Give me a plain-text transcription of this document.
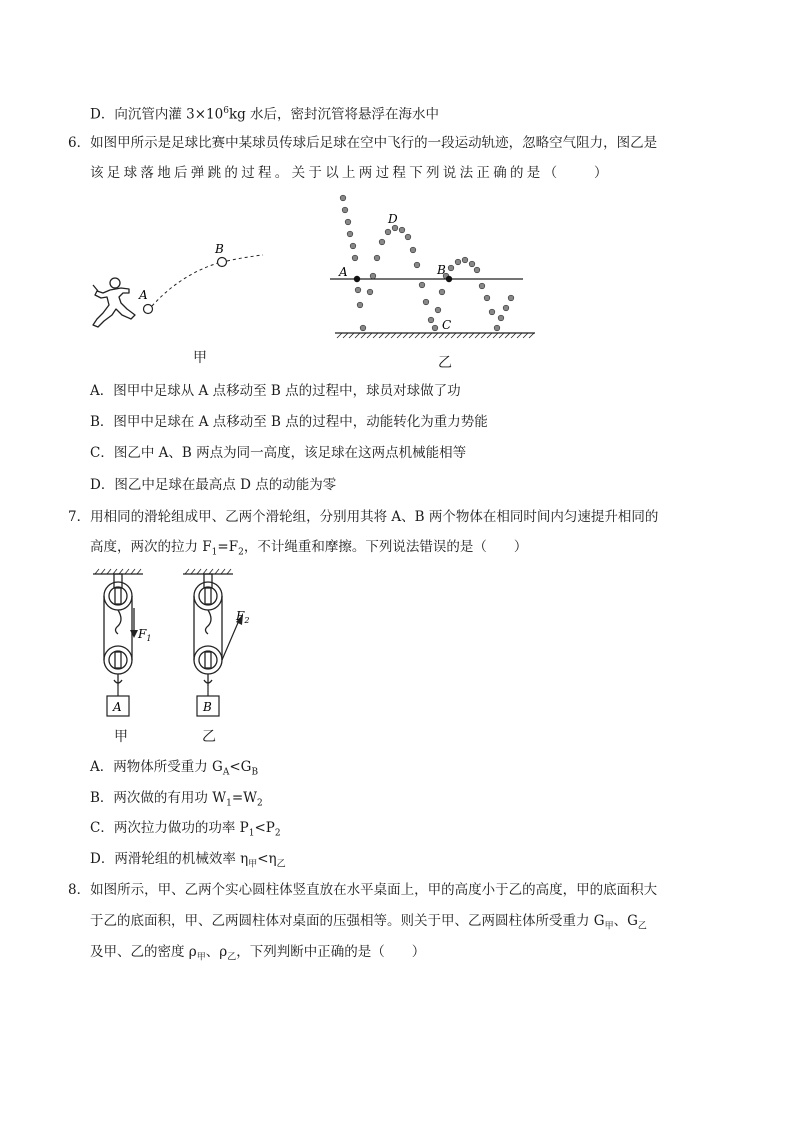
D．向沉管内灌 $3\times 10^6kg$ 水后，密封沉管将悬浮在海水中
6．如图甲所示是足球比赛中某球员传球后足球在空中飞行的一段运动轨迹，忽略空气阻力，图乙是
该足球落地后弹跳的过程。关于以上两过程下列说法正确的是（　　）
A
B
甲
A	B
C
D
乙
A．图甲中足球从 A 点移动至 B 点的过程中，球员对球做了功
B．图甲中足球在 A 点移动至 B 点的过程中，动能转化为重力势能
C．图乙中 A、B 两点为同一高度，该足球在这两点机械能相等
D．图乙中足球在最高点 D 点的动能为零
7．用相同的滑轮组成甲、乙两个滑轮组，分别用其将 A、B 两个物体在相同时间内匀速提升相同的
高度，两次的拉力 $F_1=F_2$，不计绳重和摩擦。下列说法错误的是（　　）
$F_1$
A
$F_2$
B
甲	乙
A．两物体所受重力 $G_A<G_B$
B．两次做的有用功 $W_1=W_2$
C．两次拉力做功的功率 $P_1<P_2$
D．两滑轮组的机械效率 $\eta_甲<\eta_乙$
8．如图所示，甲、乙两个实心圆柱体竖直放在水平桌面上，甲的高度小于乙的高度，甲的底面积大
于乙的底面积，甲、乙两圆柱体对桌面的压强相等。则关于甲、乙两圆柱体所受重力 $G_甲$、$G_乙$
及甲、乙的密度 $\rho_甲$、$\rho_乙$，下列判断中正确的是（　　）
